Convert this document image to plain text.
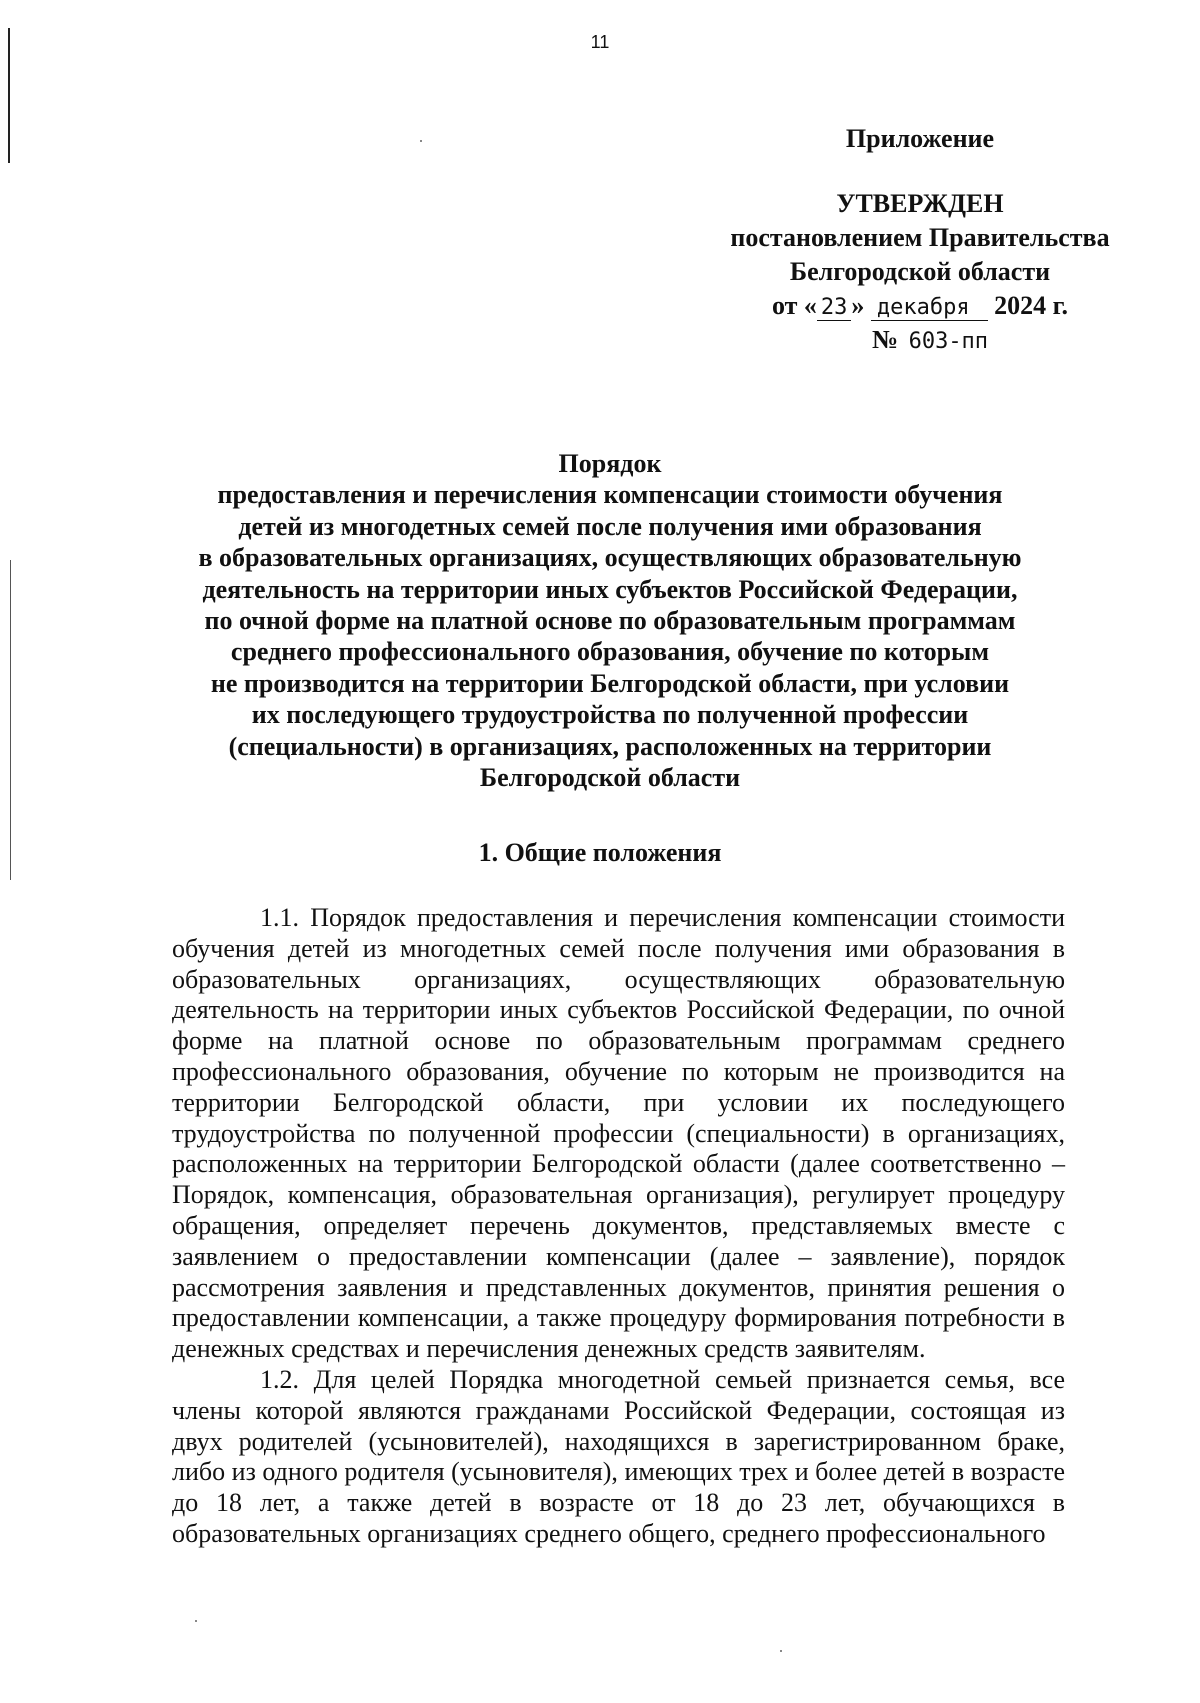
11
Приложение
УТВЕРЖДЕН
постановлением Правительства
Белгородской области
от « 23 » декабря 2024 г.
№ 603-пп
Порядок
предоставления и перечисления компенсации стоимости обучения
детей из многодетных семей после получения ими образования
в образовательных организациях, осуществляющих образовательную
деятельность на территории иных субъектов Российской Федерации,
по очной форме на платной основе по образовательным программам
среднего профессионального образования, обучение по которым
не производится на территории Белгородской области, при условии
их последующего трудоустройства по полученной профессии
(специальности) в организациях, расположенных на территории
Белгородской области
1. Общие положения

1.1. Порядок предоставления и перечисления компенсации стоимости обучения детей из многодетных семей после получения ими образования в образовательных организациях, осуществляющих образовательную деятельность на территории иных субъектов Российской Федерации, по очной форме на платной основе по образовательным программам среднего профессионального образования, обучение по которым не производится на территории Белгородской области, при условии их последующего трудоустройства по полученной профессии (специальности) в организациях, расположенных на территории Белгородской области (далее соответственно – Порядок, компенсация, образовательная организация), регулирует процедуру обращения, определяет перечень документов, представляемых вместе с заявлением о предоставлении компенсации (далее – заявление), порядок рассмотрения заявления и представленных документов, принятия решения о предоставлении компенсации, а также процедуру формирования потребности в денежных средствах и перечисления денежных средств заявителям.

1.2. Для целей Порядка многодетной семьей признается семья, все члены которой являются гражданами Российской Федерации, состоящая из двух родителей (усыновителей), находящихся в зарегистрированном браке, либо из одного родителя (усыновителя), имеющих трех и более детей в возрасте до 18 лет, а также детей в возрасте от 18 до 23 лет, обучающихся в образовательных организациях среднего общего, среднего профессионального
